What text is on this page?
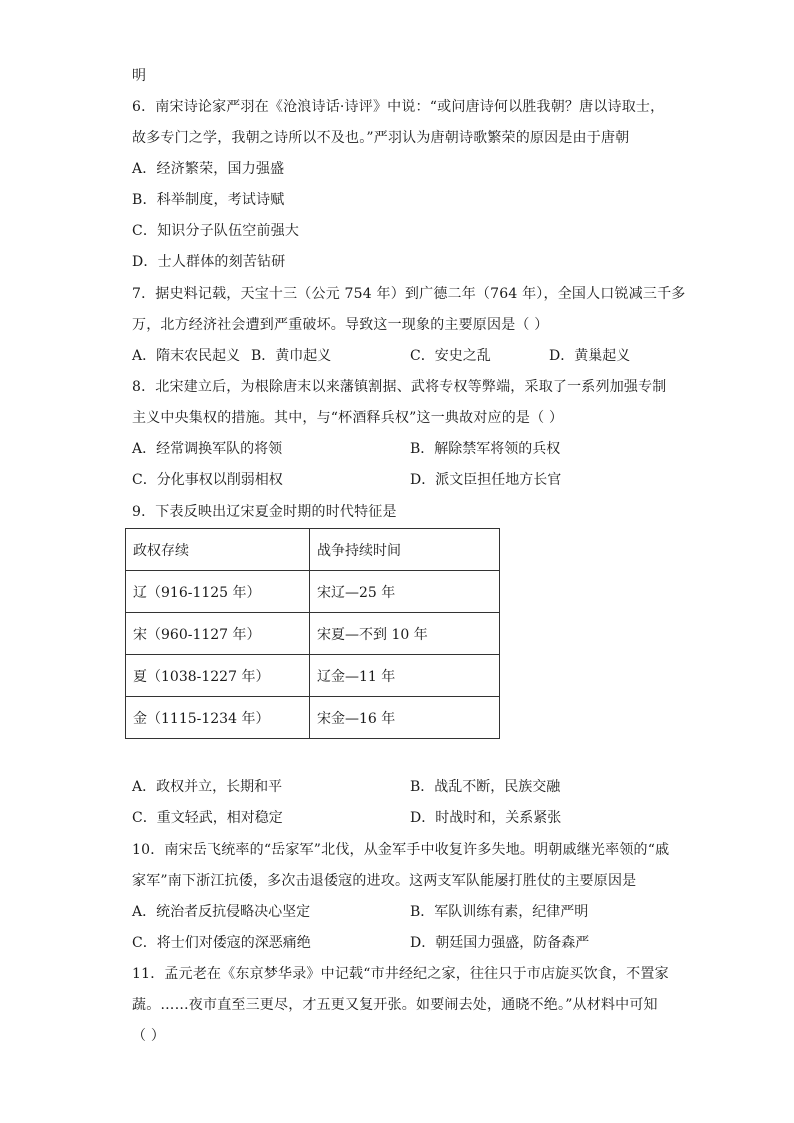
明
6．南宋诗论家严羽在《沧浪诗话·诗评》中说：“或问唐诗何以胜我朝？唐以诗取士，
故多专门之学，我朝之诗所以不及也。”严羽认为唐朝诗歌繁荣的原因是由于唐朝
A．经济繁荣，国力强盛
B．科举制度，考试诗赋
C．知识分子队伍空前强大
D．士人群体的刻苦钻研
7．据史料记载，天宝十三（公元 754 年）到广德二年（764 年），全国人口锐减三千多
万，北方经济社会遭到严重破坏。导致这一现象的主要原因是（ ）
A．隋末农民起义 B．黄巾起义	C．安史之乱	D．黄巢起义
8．北宋建立后，为根除唐末以来藩镇割据、武将专权等弊端，采取了一系列加强专制
主义中央集权的措施。其中，与“杯酒释兵权”这一典故对应的是（ ）
A．经常调换军队的将领	B．解除禁军将领的兵权
C．分化事权以削弱相权	D．派文臣担任地方长官
9．下表反映出辽宋夏金时期的时代特征是
政权存续	战争持续时间
辽（916-1125 年）	宋辽—25 年
宋（960-1127 年）	宋夏—不到 10 年
夏（1038-1227 年）	辽金—11 年
金（1115-1234 年）	宋金—16 年
A．政权并立，长期和平	B．战乱不断，民族交融
C．重文轻武，相对稳定	D．时战时和，关系紧张
10．南宋岳飞统率的“岳家军”北伐，从金军手中收复许多失地。明朝戚继光率领的“戚
家军”南下浙江抗倭，多次击退倭寇的进攻。这两支军队能屡打胜仗的主要原因是
A．统治者反抗侵略决心坚定	B．军队训练有素，纪律严明
C．将士们对倭寇的深恶痛绝	D．朝廷国力强盛，防备森严
11．孟元老在《东京梦华录》中记载“市井经纪之家，往往只于市店旋买饮食，不置家
蔬。……夜市直至三更尽，才五更又复开张。如要闹去处，通晓不绝。”从材料中可知
（ ）
